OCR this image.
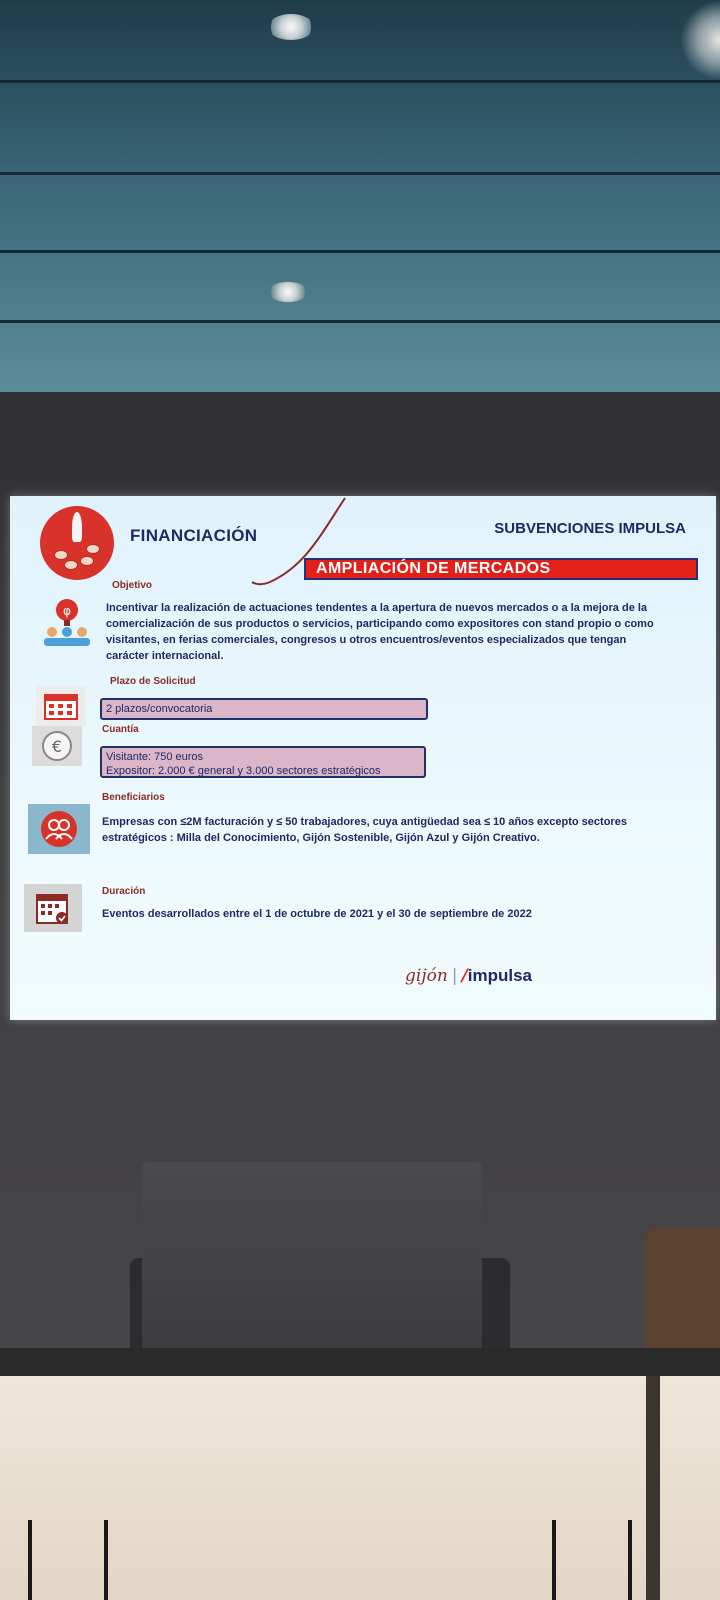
FINANCIACIÓN	SUBVENCIONES IMPULSA
AMPLIACIÓN DE MERCADOS
Objetivo
φ	Incentivar la realización de actuaciones tendentes a la apertura de nuevos mercados o a la mejora de la comercialización de sus productos o servicios, participando como expositores con stand propio o como visitantes, en ferias comerciales, congresos u otros encuentros/eventos especializados que tengan carácter internacional.
Plazo de Solicitud
2 plazos/convocatoria
Cuantía
€
Visitante: 750 euros
Expositor: 2.000 € general y 3.000 sectores estratégicos
Beneficiarios
Empresas con ≤2M facturación y ≤ 50 trabajadores, cuya antigüedad sea ≤ 10 años excepto sectores estratégicos : Milla del Conocimiento, Gijón Sostenible, Gijón Azul y Gijón Creativo.
Duración
Eventos desarrollados entre el 1 de octubre de 2021 y el 30 de septiembre de 2022
gijón | /impulsa
